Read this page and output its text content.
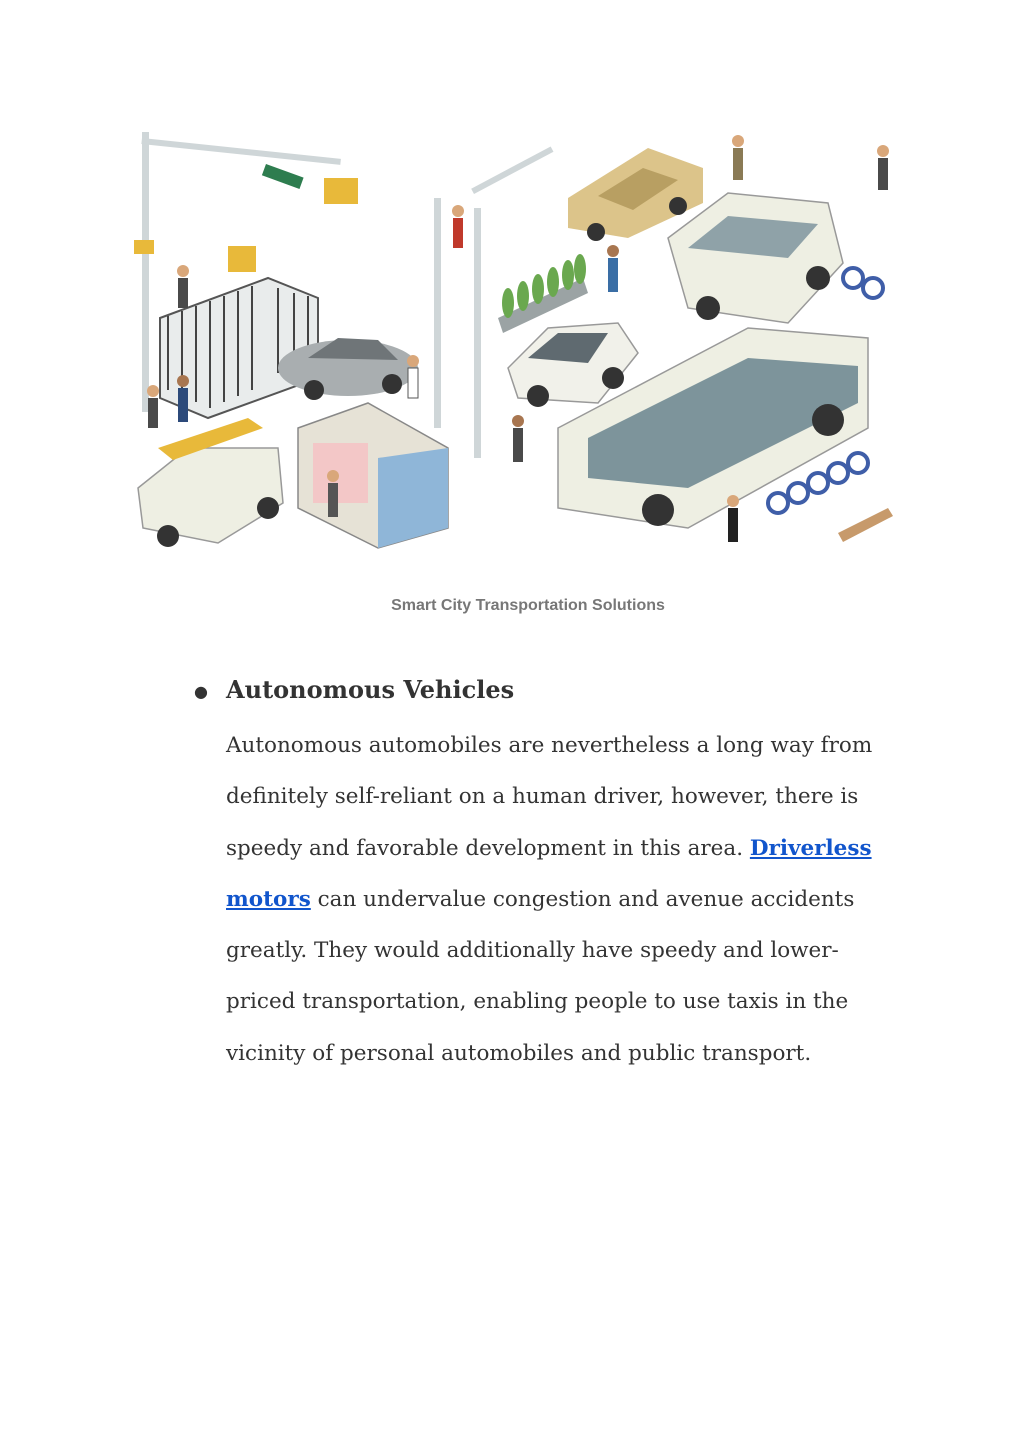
Smart City Transportation Solutions
● Autonomous Vehicles

Autonomous automobiles are nevertheless a long way from definitely self-reliant on a human driver, however, there is speedy and favorable development in this area. Driverless motors can undervalue congestion and avenue accidents greatly. They would additionally have speedy and lower-priced transportation, enabling people to use taxis in the vicinity of personal automobiles and public transport.
